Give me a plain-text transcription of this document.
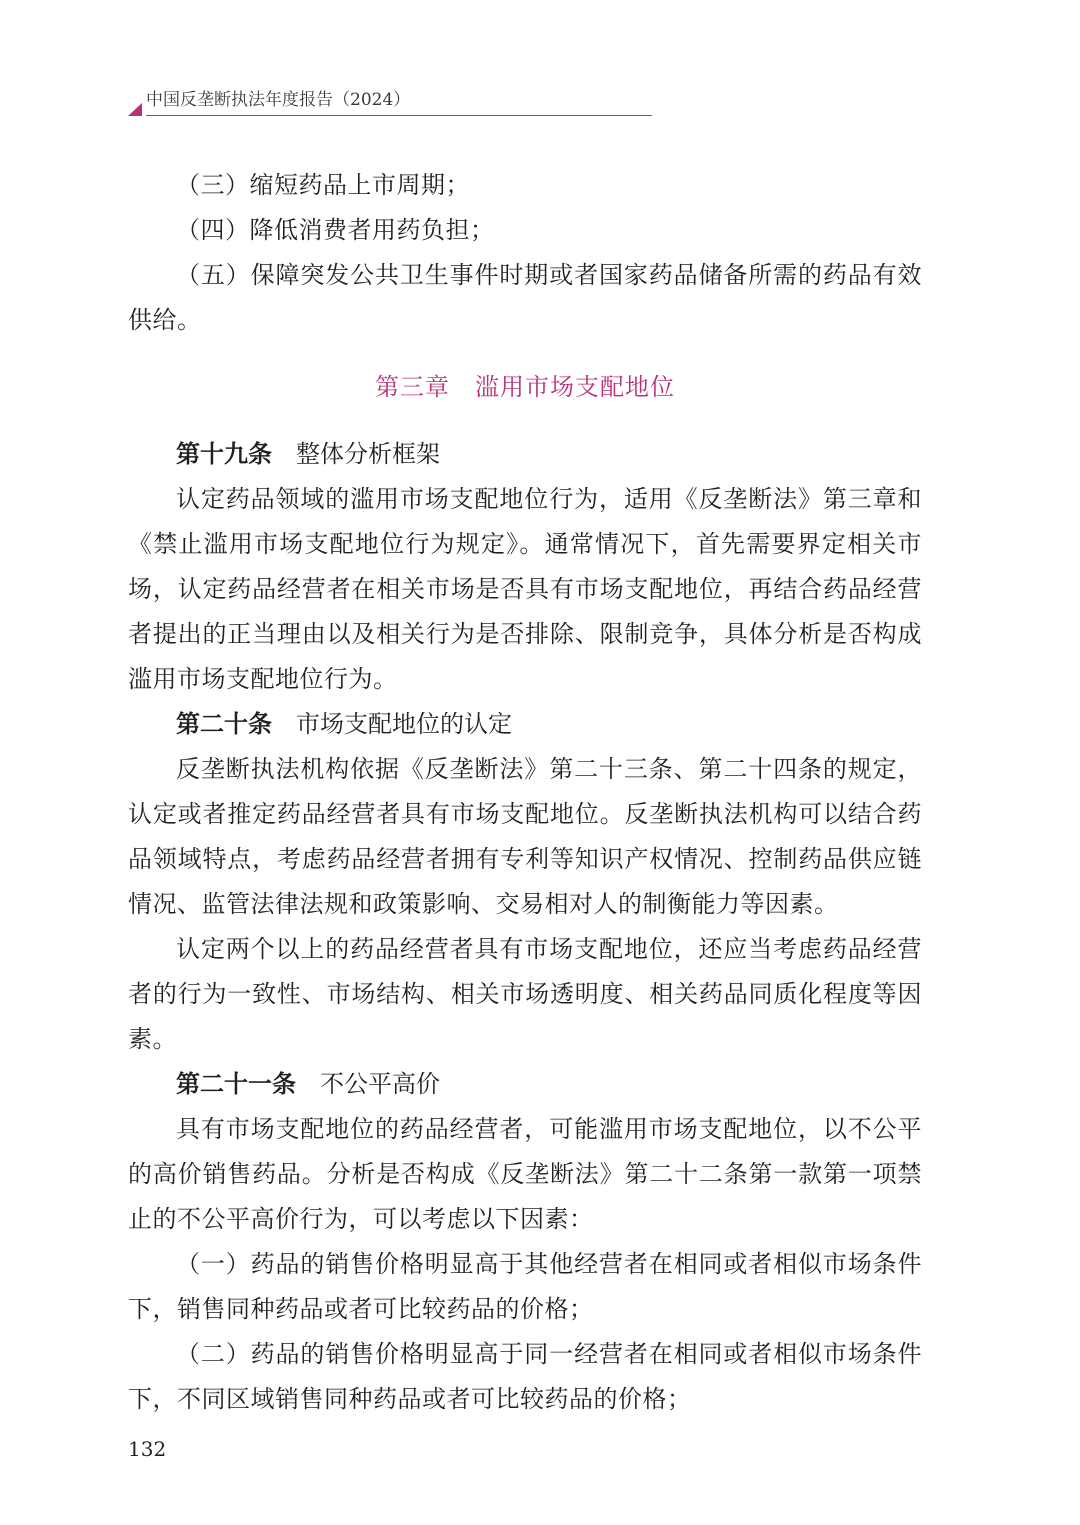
中国反垄断执法年度报告（2024）

（三）缩短药品上市周期；

（四）降低消费者用药负担；

（五）保障突发公共卫生事件时期或者国家药品储备所需的药品有效供给。

第三章　滥用市场支配地位
第十九条 整体分析框架

认定药品领域的滥用市场支配地位行为，适用《反垄断法》第三章和《禁止滥用市场支配地位行为规定》。通常情况下，首先需要界定相关市场，认定药品经营者在相关市场是否具有市场支配地位，再结合药品经营者提出的正当理由以及相关行为是否排除、限制竞争，具体分析是否构成滥用市场支配地位行为。

第二十条 市场支配地位的认定

反垄断执法机构依据《反垄断法》第二十三条、第二十四条的规定，认定或者推定药品经营者具有市场支配地位。反垄断执法机构可以结合药品领域特点，考虑药品经营者拥有专利等知识产权情况、控制药品供应链情况、监管法律法规和政策影响、交易相对人的制衡能力等因素。

认定两个以上的药品经营者具有市场支配地位，还应当考虑药品经营者的行为一致性、市场结构、相关市场透明度、相关药品同质化程度等因素。

第二十一条 不公平高价

具有市场支配地位的药品经营者，可能滥用市场支配地位，以不公平的高价销售药品。分析是否构成《反垄断法》第二十二条第一款第一项禁止的不公平高价行为，可以考虑以下因素：

（一）药品的销售价格明显高于其他经营者在相同或者相似市场条件下，销售同种药品或者可比较药品的价格；

（二）药品的销售价格明显高于同一经营者在相同或者相似市场条件下，不同区域销售同种药品或者可比较药品的价格；

132
